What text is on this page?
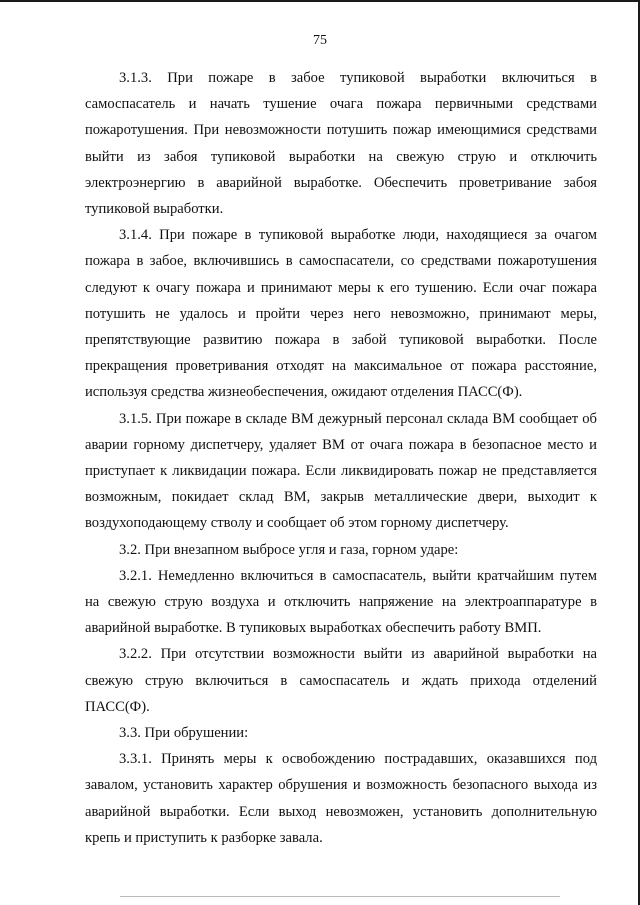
75

3.1.3. При пожаре в забое тупиковой выработки включиться в самоспасатель и начать тушение очага пожара первичными средствами пожаротушения. При невозможности потушить пожар имеющимися средствами выйти из забоя тупиковой выработки на свежую струю и отключить электроэнергию в аварийной выработке. Обеспечить проветривание забоя тупиковой выработки.

3.1.4. При пожаре в тупиковой выработке люди, находящиеся за очагом пожара в забое, включившись в самоспасатели, со средствами пожаротушения следуют к очагу пожара и принимают меры к его тушению. Если очаг пожара потушить не удалось и пройти через него невозможно, принимают меры, препятствующие развитию пожара в забой тупиковой выработки. После прекращения проветривания отходят на максимальное от пожара расстояние, используя средства жизнеобеспечения, ожидают отделения ПАСС(Ф).

3.1.5. При пожаре в складе ВМ дежурный персонал склада ВМ сообщает об аварии горному диспетчеру, удаляет ВМ от очага пожара в безопасное место и приступает к ликвидации пожара. Если ликвидировать пожар не представляется возможным, покидает склад ВМ, закрыв металлические двери, выходит к воздухоподающему стволу и сообщает об этом горному диспетчеру.

3.2. При внезапном выбросе угля и газа, горном ударе:

3.2.1. Немедленно включиться в самоспасатель, выйти кратчайшим путем на свежую струю воздуха и отключить напряжение на электроаппаратуре в аварийной выработке. В тупиковых выработках обеспечить работу ВМП.

3.2.2. При отсутствии возможности выйти из аварийной выработки на свежую струю включиться в самоспасатель и ждать прихода отделений ПАСС(Ф).

3.3. При обрушении:

3.3.1. Принять меры к освобождению пострадавших, оказавшихся под завалом, установить характер обрушения и возможность безопасного выхода из аварийной выработки. Если выход невозможен, установить дополнительную крепь и приступить к разборке завала.
